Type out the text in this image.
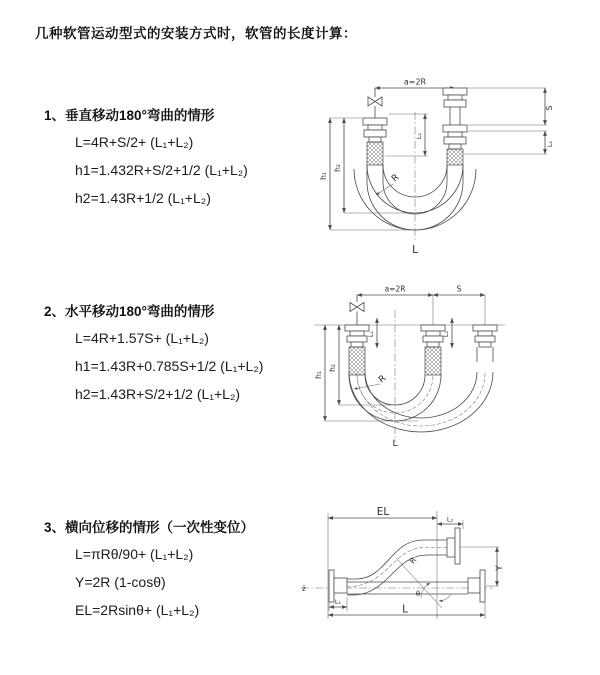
几种软管运动型式的安装方式时，软管的长度计算：
1、垂直移动180°弯曲的情形
L=4R+S/2+ (L₁+L₂)
h1=1.432R+S/2+1/2 (L₁+L₂)
h2=1.43R+1/2 (L₁+L₂)
2、水平移动180°弯曲的情形
L=4R+1.57S+ (L₁+L₂)
h1=1.43R+0.785S+1/2 (L₁+L₂)
h2=1.43R+S/2+1/2 (L₁+L₂)
3、横向位移的情形（一次性变位）
L=πRθ/90+ (L₁+L₂)
Y=2R (1-cosθ)
EL=2Rsinθ+ (L₁+L₂)
a=2R
h₁
h₂
L₁
S
L₂
R
L
a=2R	S
L₁	L₂
h₁
h₂
R
L
z̄
EL
L₂
Y
θ
R
L₁
L
